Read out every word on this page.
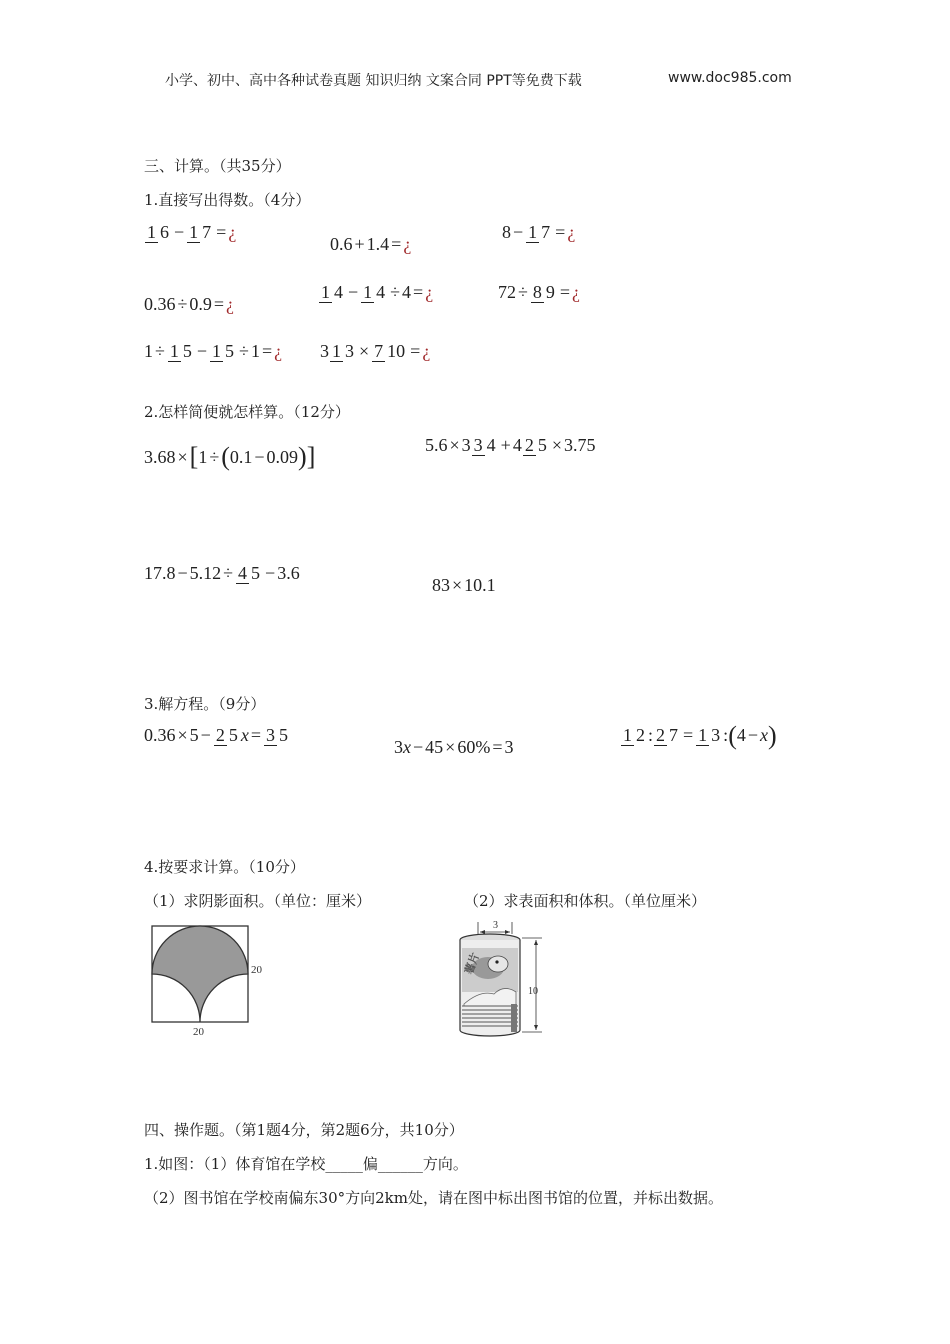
小学、初中、高中各种试卷真题 知识归纳 文案合同 PPT等免费下载	www.doc985.com
三、计算。（共35分）
1.直接写出得数。（4分）
1 6 − 1 7 = ¿
0.6 + 1.4 = ¿
8 − 1 7 = ¿
0.36 ÷ 0.9 = ¿
1 4 − 1 4 ÷ 4 = ¿	72 ÷ 8 9 = ¿
1 ÷ 1 5 − 1 5 ÷ 1 = ¿ 3 1 3 × 7 10 = ¿
2.怎样简便就怎样算。（12分）
3.68 × [ 1 ÷ ( 0.1 − 0.09 ) ]	5.6 × 3 3 4 + 4 2 5 × 3.75
17.8 − 5.12 ÷ 4 5 − 3.6
83 × 10.1
3.解方程。（9分）
0.36 × 5 − 2 5 x = 3 5
3 x − 45 × 60% = 3
1 2 : 2 7 = 1 3 : ( 4 − x )
4.按要求计算。（10分）
（1）求阴影面积。（单位：厘米）	（2）求表面积和体积。（单位厘米）
20
20
3
薯片
10
四、操作题。（第1题4分，第2题6分，共10分）
1.如图：（1）体育馆在学校_____偏______方向。
（2）图书馆在学校南偏东30°方向2km处，请在图中标出图书馆的位置，并标出数据。
